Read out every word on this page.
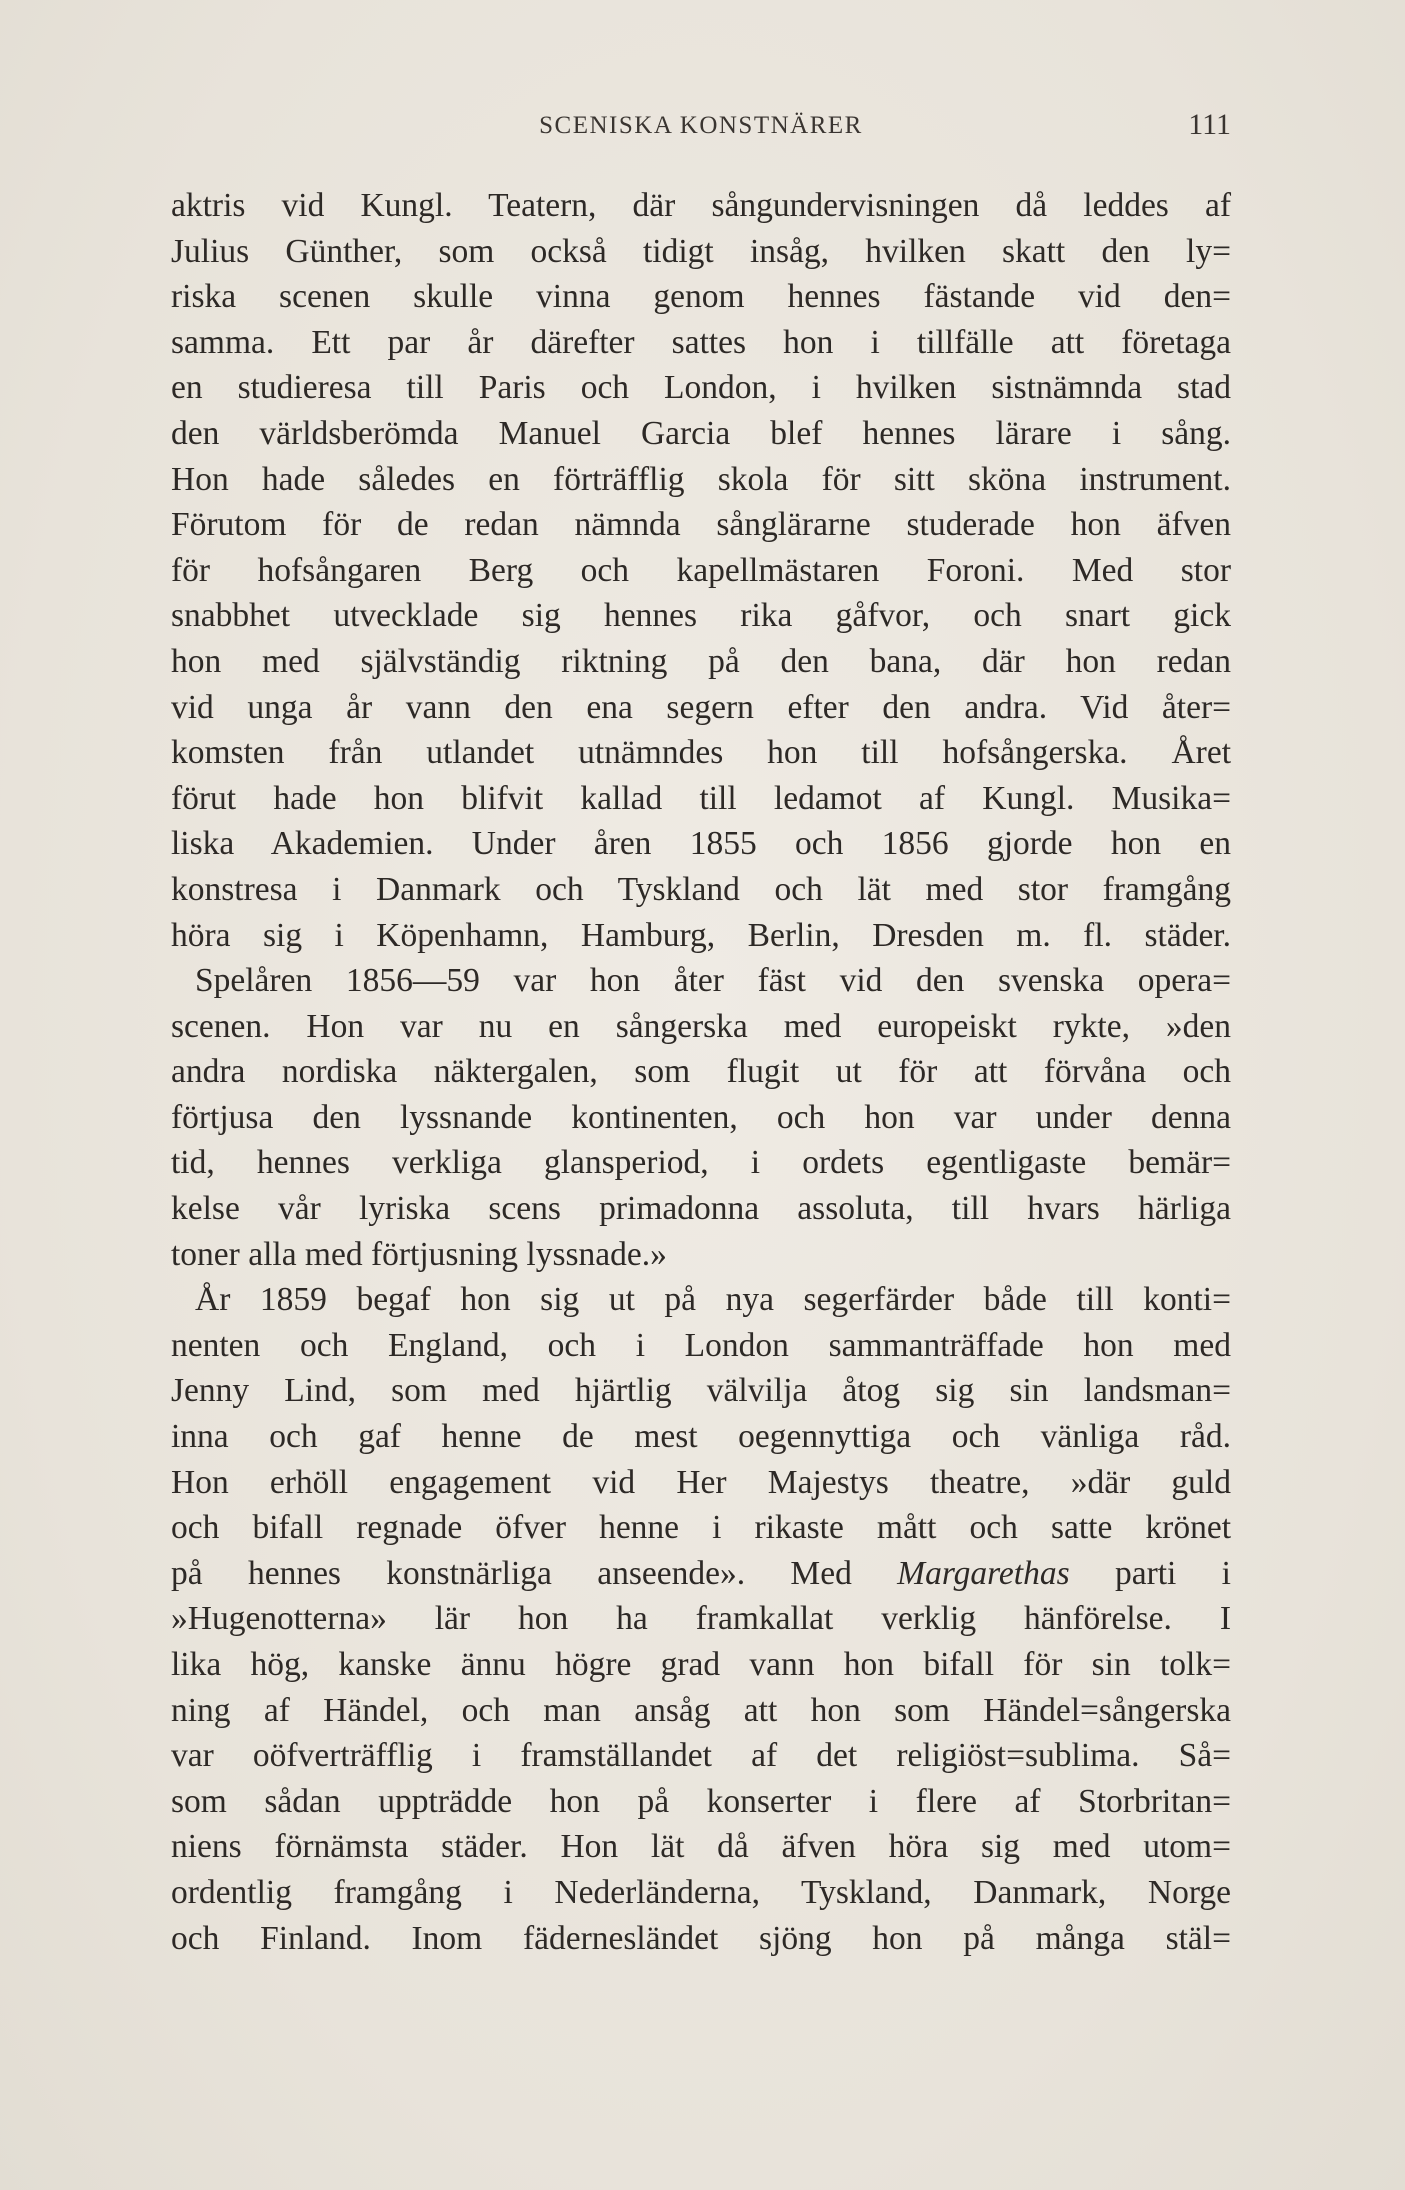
SCENISKA KONSTNÄRER	111
aktris vid Kungl. Teatern, där sångundervisningen då leddes af
Julius Günther, som också tidigt insåg, hvilken skatt den ly=
riska scenen skulle vinna genom hennes fästande vid den=
samma. Ett par år därefter sattes hon i tillfälle att företaga
en studieresa till Paris och London, i hvilken sistnämnda stad
den världsberömda Manuel Garcia blef hennes lärare i sång.
Hon hade således en förträfflig skola för sitt sköna instrument.
Förutom för de redan nämnda sånglärarne studerade hon äfven
för hofsångaren Berg och kapellmästaren Foroni. Med stor
snabbhet utvecklade sig hennes rika gåfvor, och snart gick
hon med självständig riktning på den bana, där hon redan
vid unga år vann den ena segern efter den andra. Vid åter=
komsten från utlandet utnämndes hon till hofsångerska. Året
förut hade hon blifvit kallad till ledamot af Kungl. Musika=
liska Akademien. Under åren 1855 och 1856 gjorde hon en
konstresa i Danmark och Tyskland och lät med stor framgång
höra sig i Köpenhamn, Hamburg, Berlin, Dresden m. fl. städer.
Spelåren 1856—59 var hon åter fäst vid den svenska opera=
scenen. Hon var nu en sångerska med europeiskt rykte, »den
andra nordiska näktergalen, som flugit ut för att förvåna och
förtjusa den lyssnande kontinenten, och hon var under denna
tid, hennes verkliga glansperiod, i ordets egentligaste bemär=
kelse vår lyriska scens primadonna assoluta, till hvars härliga
toner alla med förtjusning lyssnade.»
År 1859 begaf hon sig ut på nya segerfärder både till konti=
nenten och England, och i London sammanträffade hon med
Jenny Lind, som med hjärtlig välvilja åtog sig sin landsman=
inna och gaf henne de mest oegennyttiga och vänliga råd.
Hon erhöll engagement vid Her Majestys theatre, »där guld
och bifall regnade öfver henne i rikaste mått och satte krönet
på hennes konstnärliga anseende». Med Margarethas parti i
»Hugenotterna» lär hon ha framkallat verklig hänförelse. I
lika hög, kanske ännu högre grad vann hon bifall för sin tolk=
ning af Händel, och man ansåg att hon som Händel=sångerska
var oöfverträfflig i framställandet af det religiöst=sublima. Så=
som sådan uppträdde hon på konserter i flere af Storbritan=
niens förnämsta städer. Hon lät då äfven höra sig med utom=
ordentlig framgång i Nederländerna, Tyskland, Danmark, Norge
och Finland. Inom fädernesländet sjöng hon på många stäl=
